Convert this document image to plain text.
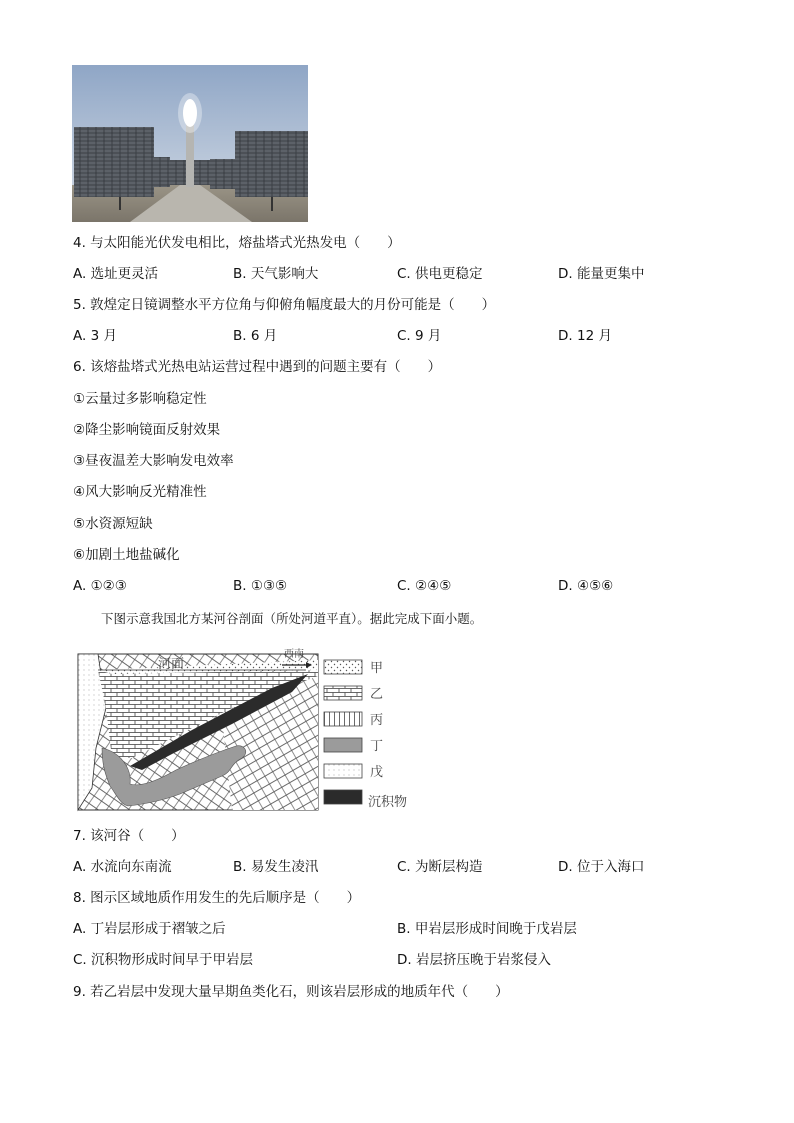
4. 与太阳能光伏发电相比，熔盐塔式光热发电（　　）
A. 选址更灵活	B. 天气影响大	C. 供电更稳定	D. 能量更集中
5. 敦煌定日镜调整水平方位角与仰俯角幅度最大的月份可能是（　　）
A. 3 月	B. 6 月	C. 9 月	D. 12 月
6. 该熔盐塔式光热电站运营过程中遇到的问题主要有（　　）
①云量过多影响稳定性
②降尘影响镜面反射效果
③昼夜温差大影响发电效率
④风大影响反光精准性
⑤水资源短缺
⑥加剧土地盐碱化
A. ①②③	B. ①③⑤	C. ②④⑤	D. ④⑤⑥
下图示意我国北方某河谷剖面（所处河道平直）。据此完成下面小题。
河面
西南
甲
乙
丙
丁
戊
沉积物
7. 该河谷（　　）
A. 水流向东南流	B. 易发生凌汛	C. 为断层构造	D. 位于入海口
8. 图示区域地质作用发生的先后顺序是（　　）
A. 丁岩层形成于褶皱之后	B. 甲岩层形成时间晚于戊岩层
C. 沉积物形成时间早于甲岩层	D. 岩层挤压晚于岩浆侵入
9. 若乙岩层中发现大量早期鱼类化石，则该岩层形成的地质年代（　　）
